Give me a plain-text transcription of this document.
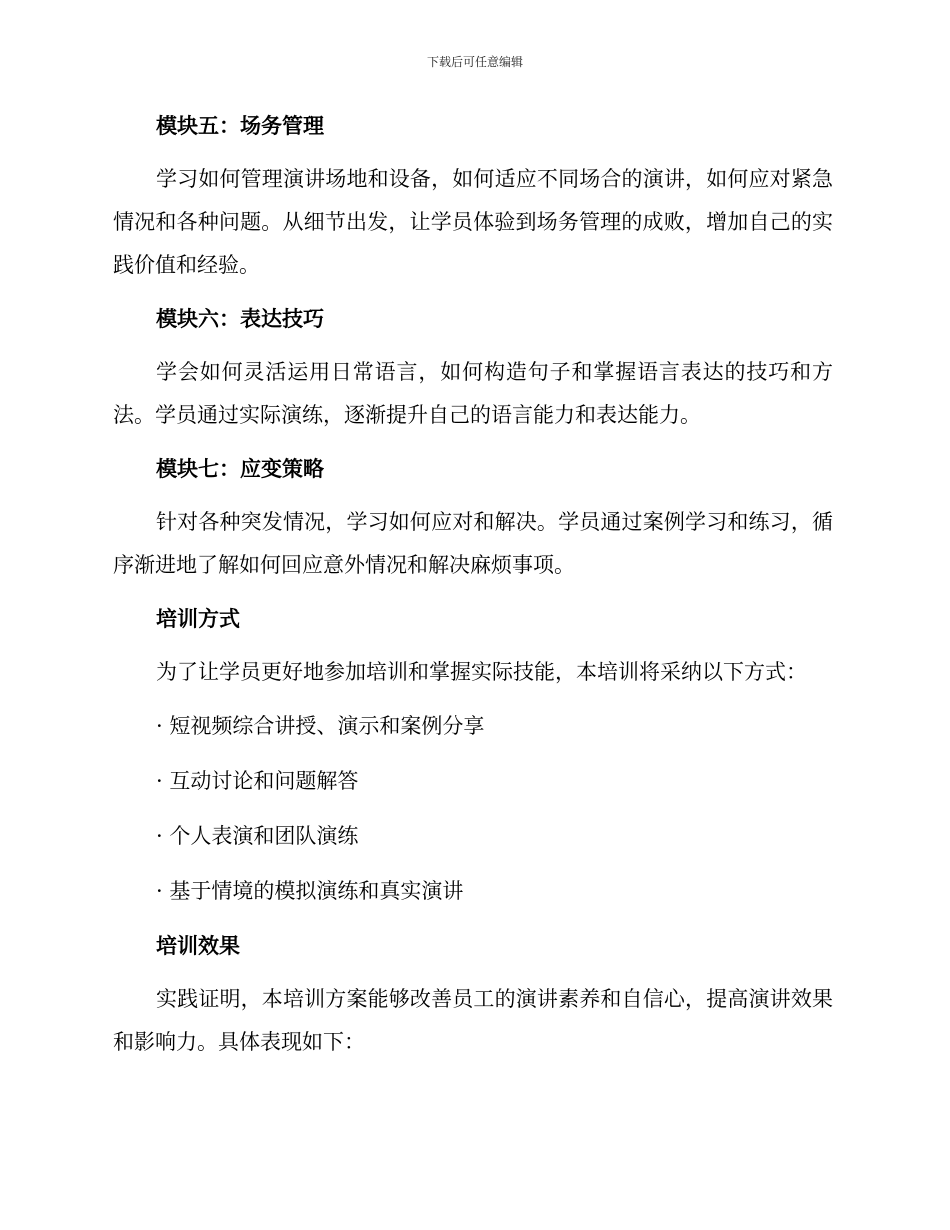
下载后可任意编辑
模块五：场务管理
学习如何管理演讲场地和设备，如何适应不同场合的演讲，如何应对紧急情况和各种问题。从细节出发，让学员体验到场务管理的成败，增加自己的实践价值和经验。
模块六：表达技巧
学会如何灵活运用日常语言，如何构造句子和掌握语言表达的技巧和方法。学员通过实际演练，逐渐提升自己的语言能力和表达能力。
模块七：应变策略
针对各种突发情况，学习如何应对和解决。学员通过案例学习和练习，循序渐进地了解如何回应意外情况和解决麻烦事项。
培训方式
为了让学员更好地参加培训和掌握实际技能，本培训将采纳以下方式：
· 短视频综合讲授、演示和案例分享
· 互动讨论和问题解答
· 个人表演和团队演练
· 基于情境的模拟演练和真实演讲
培训效果
实践证明，本培训方案能够改善员工的演讲素养和自信心，提高演讲效果和影响力。具体表现如下：
